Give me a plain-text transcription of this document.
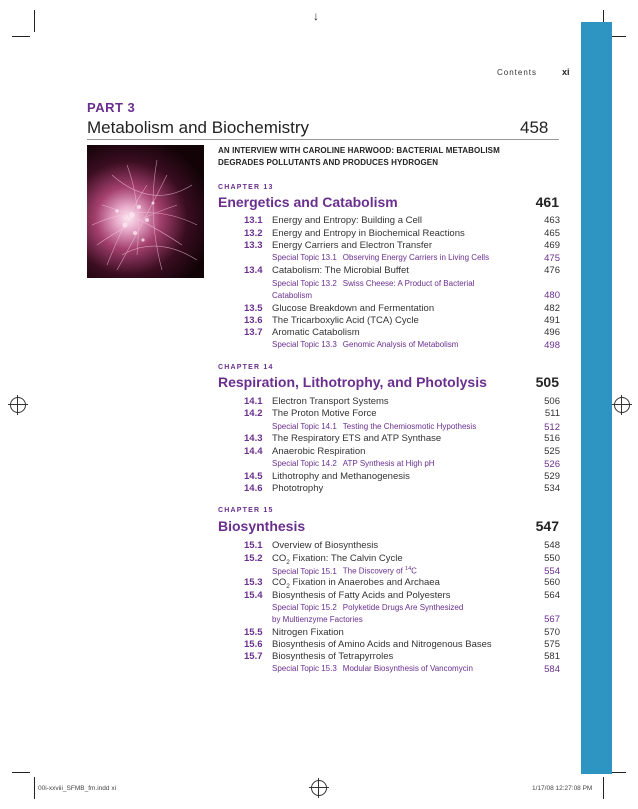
↓
Contents	xi
PART 3
Metabolism and Biochemistry	458
AN INTERVIEW WITH CAROLINE HARWOOD: BACTERIAL METABOLISM
DEGRADES POLLUTANTS AND PRODUCES HYDROGEN
CHAPTER 13
Energetics and Catabolism	461
13.1 Energy and Entropy: Building a Cell	463
13.2 Energy and Entropy in Biochemical Reactions	465
13.3 Energy Carriers and Electron Transfer	469
Special Topic 13.1 Observing Energy Carriers in Living Cells	475
13.4 Catabolism: The Microbial Buffet	476
Special Topic 13.2 Swiss Cheese: A Product of Bacterial
Catabolism	480
13.5 Glucose Breakdown and Fermentation	482
13.6 The Tricarboxylic Acid (TCA) Cycle	491
13.7 Aromatic Catabolism	496
Special Topic 13.3 Genomic Analysis of Metabolism	498
CHAPTER 14
Respiration, Lithotrophy, and Photolysis	505
14.1 Electron Transport Systems	506
14.2 The Proton Motive Force	511
Special Topic 14.1 Testing the Chemiosmotic Hypothesis	512
14.3 The Respiratory ETS and ATP Synthase	516
14.4 Anaerobic Respiration	525
Special Topic 14.2 ATP Synthesis at High pH	526
14.5 Lithotrophy and Methanogenesis	529
14.6 Phototrophy	534
CHAPTER 15
Biosynthesis	547
15.1 Overview of Biosynthesis	548
15.2 $CO_2$ Fixation: The Calvin Cycle	550
Special Topic 15.1 The Discovery of $^{14}$C	554
15.3 $CO_2$ Fixation in Anaerobes and Archaea	560
15.4 Biosynthesis of Fatty Acids and Polyesters	564
Special Topic 15.2 Polyketide Drugs Are Synthesized
by Multienzyme Factories	567
15.5 Nitrogen Fixation	570
15.6 Biosynthesis of Amino Acids and Nitrogenous Bases	575
15.7 Biosynthesis of Tetrapyrroles	581
Special Topic 15.3 Modular Biosynthesis of Vancomycin	584
00i-xxviii_SFMB_fm.indd xi	1/17/08 12:27:08 PM
